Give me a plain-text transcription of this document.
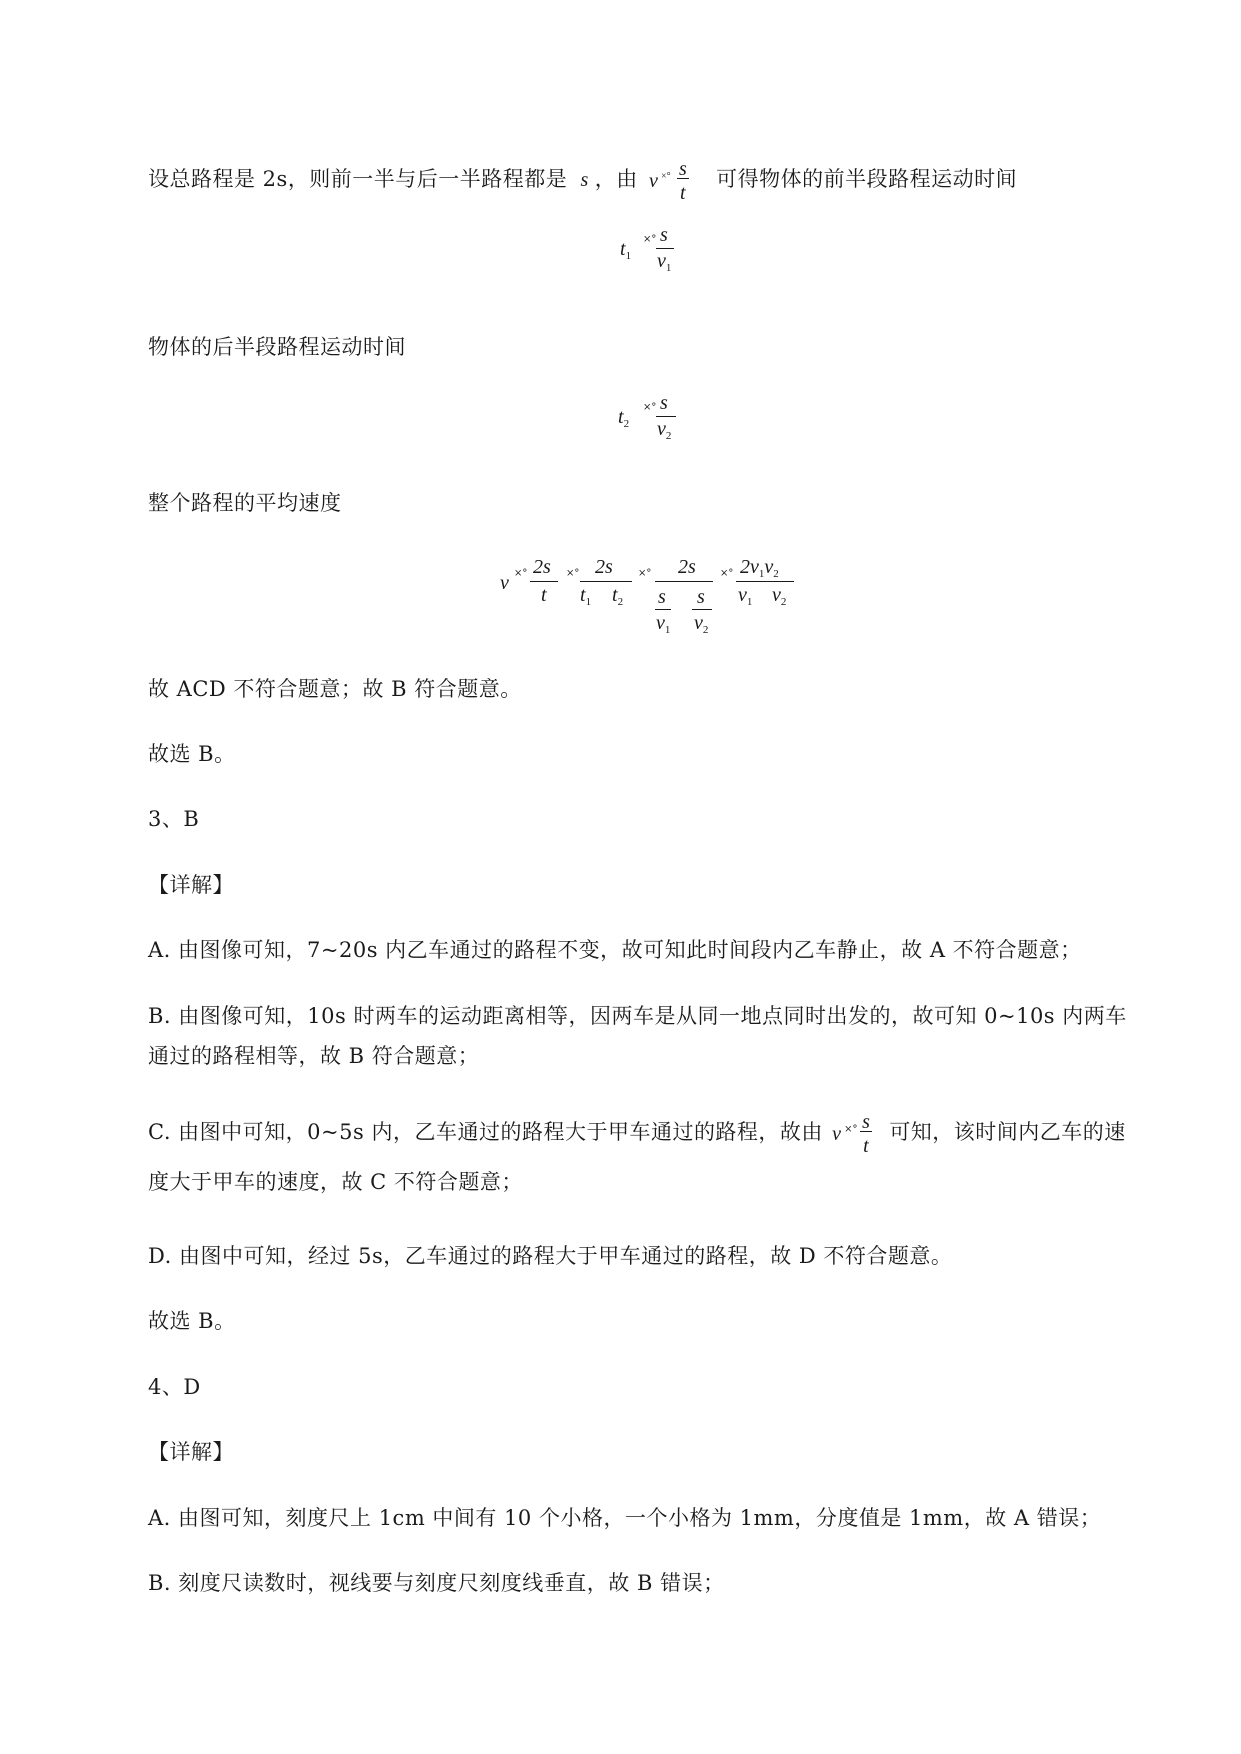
设总路程是 2s，则前一半与后一半路程都是 s ，由 v ×° s
t
可得物体的前半段路程运动时间
$t_1$
×° s
$v_1$
物体的后半段路程运动时间
$t_2$
×° s
$v_2$
整个路程的平均速度
v ×° 2s
t
×° 2s
$t_1$ $t_2$
×° 2s
s
$v_1$
s
$v_2$
×° $2v_1v_2$
$v_1$ $v_2$
故 ACD 不符合题意；故 B 符合题意。
故选 B。
3、B
【详解】
A. 由图像可知，7~20s 内乙车通过的路程不变，故可知此时间段内乙车静止，故 A 不符合题意；
B. 由图像可知，10s 时两车的运动距离相等，因两车是从同一地点同时出发的，故可知 0~10s 内两车
通过的路程相等，故 B 符合题意；
C. 由图中可知，0~5s 内，乙车通过的路程大于甲车通过的路程，故由 v ×° s
t
可知，该时间内乙车的速
度大于甲车的速度，故 C 不符合题意；
D. 由图中可知，经过 5s，乙车通过的路程大于甲车通过的路程，故 D 不符合题意。
故选 B。
4、D
【详解】
A. 由图可知，刻度尺上 1cm 中间有 10 个小格，一个小格为 1mm，分度值是 1mm，故 A 错误；
B. 刻度尺读数时，视线要与刻度尺刻度线垂直，故 B 错误；
